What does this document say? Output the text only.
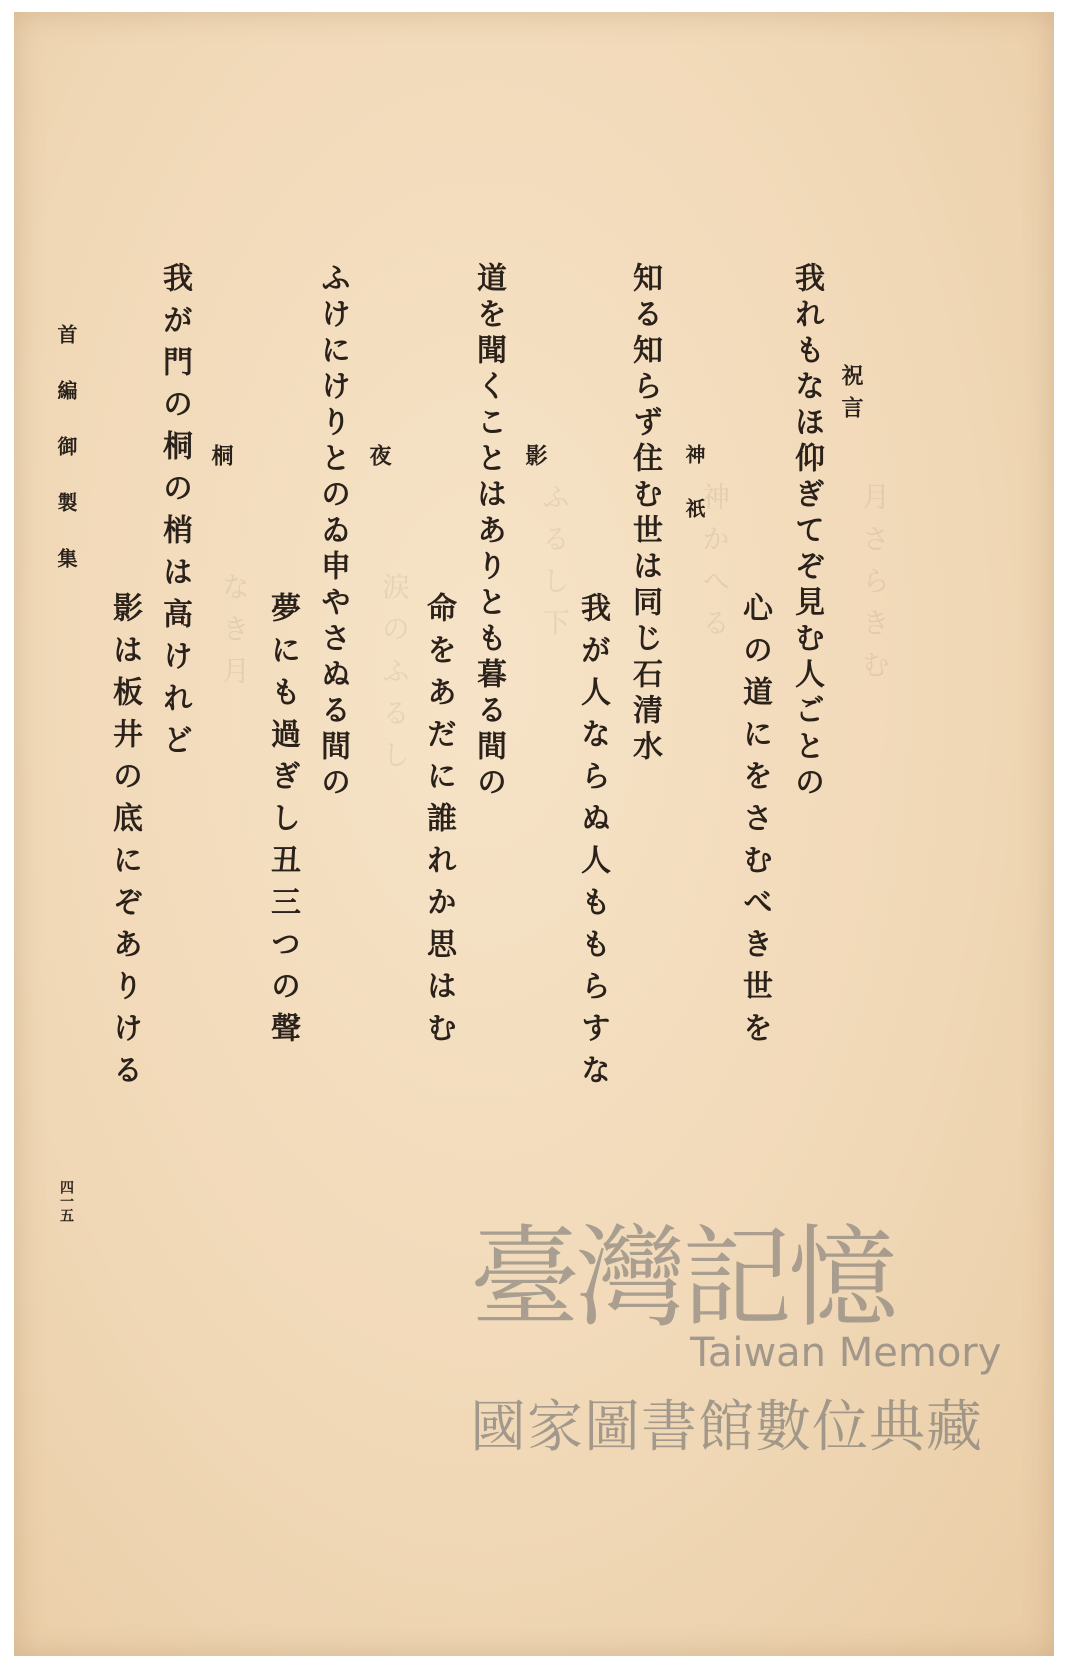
月さらきむ
神かへる
ふるし下
涙のふるし
なき月
祝言
我れもなほ仰ぎてぞ見む人ごとの
心の道にをさむべき世を
神祇
知る知らず住む世は同じ石清水
我が人ならぬ人ももらすな
影
道を聞くことはありとも暮る間の
命をあだに誰れか思はむ
夜
ふけにけりとのゐ申やさぬる間の
夢にも過ぎし丑三つの聲
桐
我が門の桐の梢は高けれど
影は板井の底にぞありける
首編御製集
四一五
臺灣記憶
Taiwan Memory
國家圖書館數位典藏
